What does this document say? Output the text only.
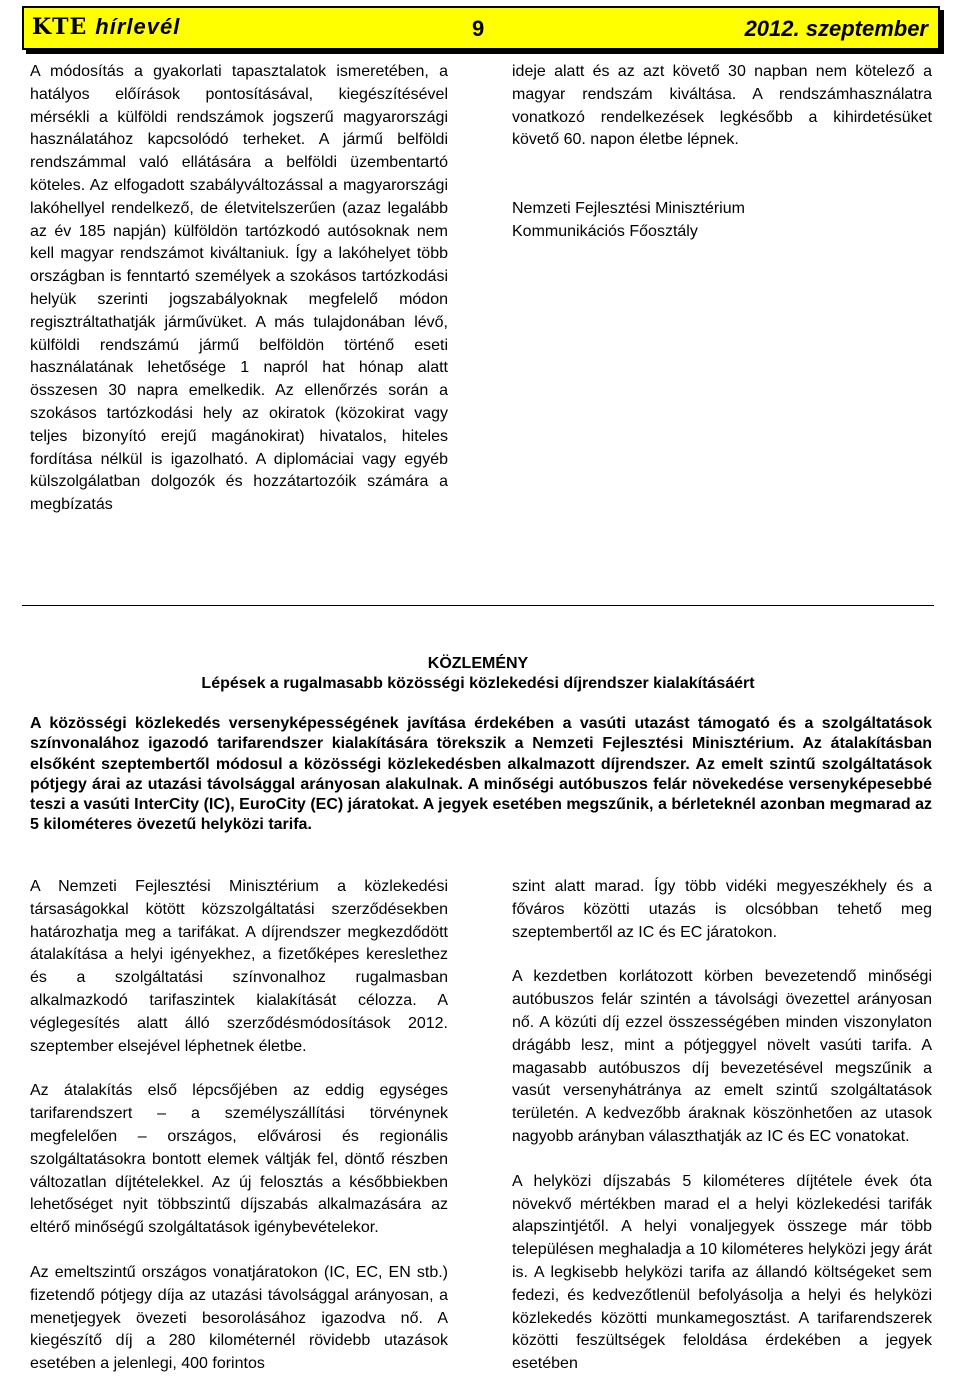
KTE hírlevél	9	2012. szeptember

A módosítás a gyakorlati tapasztalatok ismeretében, a hatályos előírások pontosításával, kiegészítésével mérsékli a külföldi rendszámok jogszerű magyarországi használatához kapcsolódó terheket. A jármű belföldi rendszámmal való ellátására a belföldi üzembentartó köteles. Az elfogadott szabályváltozással a magyarországi lakóhellyel rendelkező, de életvitelszerűen (azaz legalább az év 185 napján) külföldön tartózkodó autósoknak nem kell magyar rendszámot kiváltaniuk. Így a lakóhelyet több országban is fenntartó személyek a szokásos tartózkodási helyük szerinti jogszabályoknak megfelelő módon regisztráltathatják járművüket. A más tulajdonában lévő, külföldi rendszámú jármű belföldön történő eseti használatának lehetősége 1 napról hat hónap alatt összesen 30 napra emelkedik. Az ellenőrzés során a szokásos tartózkodási hely az okiratok (közokirat vagy teljes bizonyító erejű magánokirat) hivatalos, hiteles fordítása nélkül is igazolható. A diplomáciai vagy egyéb külszolgálatban dolgozók és hozzátartozóik számára a megbízatás

ideje alatt és az azt követő 30 napban nem kötelező a magyar rendszám kiváltása. A rendszámhasználatra vonatkozó rendelkezések legkésőbb a kihirdetésüket követő 60. napon életbe lépnek.

Nemzeti Fejlesztési Minisztérium
Kommunikációs Főosztály

KÖZLEMÉNY
Lépések a rugalmasabb közösségi közlekedési díjrendszer kialakításáért
A közösségi közlekedés versenyképességének javítása érdekében a vasúti utazást támogató és a szolgáltatások színvonalához igazodó tarifarendszer kialakítására törekszik a Nemzeti Fejlesztési Minisztérium. Az átalakításban elsőként szeptembertől módosul a közösségi közlekedésben alkalmazott díjrendszer. Az emelt szintű szolgáltatások pótjegy árai az utazási távolsággal arányosan alakulnak. A minőségi autóbuszos felár növekedése versenyképesebbé teszi a vasúti InterCity (IC), EuroCity (EC) járatokat. A jegyek esetében megszűnik, a bérleteknél azonban megmarad az 5 kilométeres övezetű helyközi tarifa.

A Nemzeti Fejlesztési Minisztérium a közlekedési társaságokkal kötött közszolgáltatási szerződésekben határozhatja meg a tarifákat. A díjrendszer megkezdődött átalakítása a helyi igényekhez, a fizetőképes kereslethez és a szolgáltatási színvonalhoz rugalmasban alkalmazkodó tarifaszintek kialakítását célozza. A véglegesítés alatt álló szerződésmódosítások 2012. szeptember elsejével léphetnek életbe.

Az átalakítás első lépcsőjében az eddig egységes tarifarendszert – a személyszállítási törvénynek megfelelően – országos, elővárosi és regionális szolgáltatásokra bontott elemek váltják fel, döntő részben változatlan díjtételekkel. Az új felosztás a későbbiekben lehetőséget nyit többszintű díjszabás alkalmazására az eltérő minőségű szolgáltatások igénybevételekor.

Az emeltszintű országos vonatjáratokon (IC, EC, EN stb.) fizetendő pótjegy díja az utazási távolsággal arányosan, a menetjegyek övezeti besorolásához igazodva nő. A kiegészítő díj a 280 kilométernél rövidebb utazások esetében a jelenlegi, 400 forintos

szint alatt marad. Így több vidéki megyeszékhely és a főváros közötti utazás is olcsóbban tehető meg szeptembertől az IC és EC járatokon.

A kezdetben korlátozott körben bevezetendő minőségi autóbuszos felár szintén a távolsági övezettel arányosan nő. A közúti díj ezzel összességében minden viszonylaton drágább lesz, mint a pótjeggyel növelt vasúti tarifa. A magasabb autóbuszos díj bevezetésével megszűnik a vasút versenyhátránya az emelt szintű szolgáltatások területén. A kedvezőbb áraknak köszönhetően az utasok nagyobb arányban választhatják az IC és EC vonatokat.

A helyközi díjszabás 5 kilométeres díjtétele évek óta növekvő mértékben marad el a helyi közlekedési tarifák alapszintjétől. A helyi vonaljegyek összege már több településen meghaladja a 10 kilométeres helyközi jegy árát is. A legkisebb helyközi tarifa az állandó költségeket sem fedezi, és kedvezőtlenül befolyásolja a helyi és helyközi közlekedés közötti munkamegosztást. A tarifarendszerek közötti feszültségek feloldása érdekében a jegyek esetében
